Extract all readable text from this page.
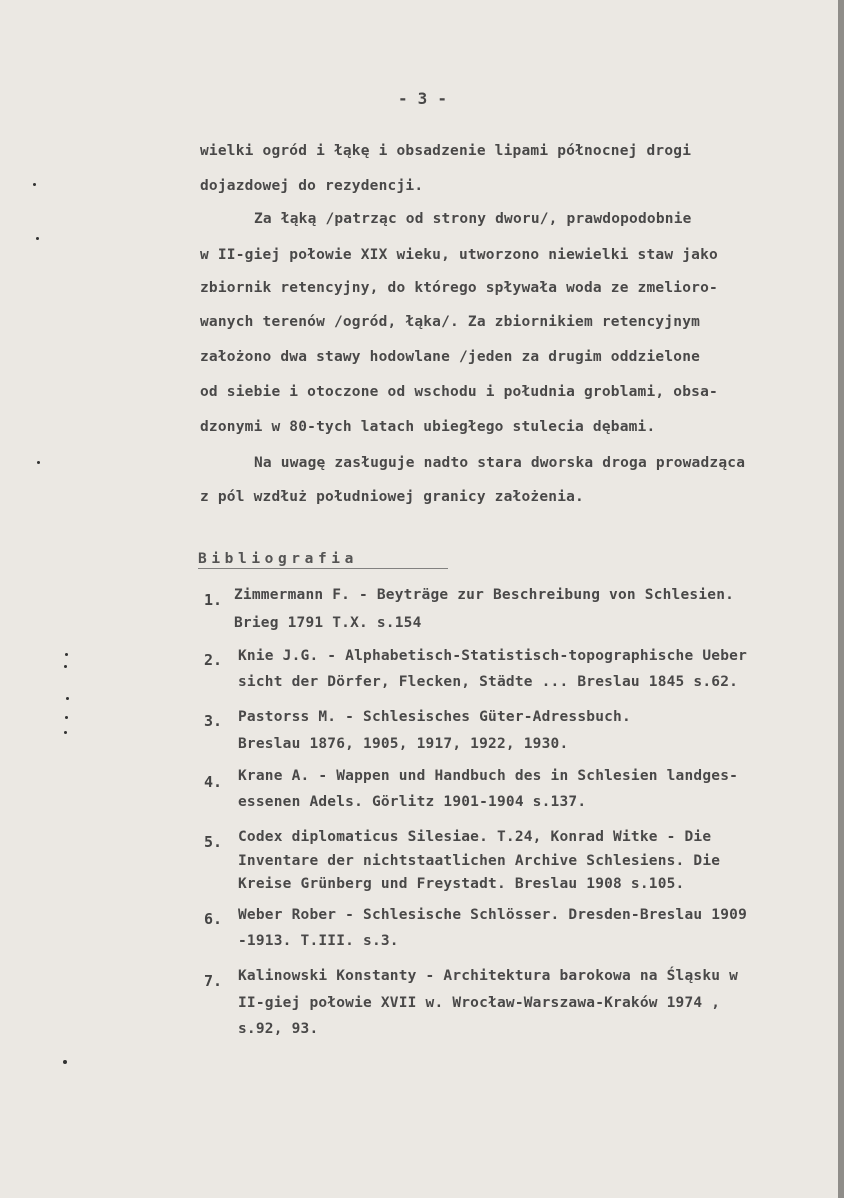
- 3 -
wielki ogród i łąkę i obsadzenie lipami północnej drogi
dojazdowej do rezydencji.
Za łąką /patrząc od strony dworu/, prawdopodobnie
w II-giej połowie XIX wieku, utworzono niewielki staw jako
zbiornik retencyjny, do którego spływała woda ze zmelioro-
wanych terenów /ogród, łąka/. Za zbiornikiem retencyjnym
założono dwa stawy hodowlane /jeden za drugim oddzielone
od siebie i otoczone od wschodu i południa groblami, obsa-
dzonymi w 80-tych latach ubiegłego stulecia dębami.
Na uwagę zasługuje nadto stara dworska droga prowadząca
z pól wzdłuż południowej granicy założenia.
Bibliografia
1. Zimmermann F. - Beyträge zur Beschreibung von Schlesien.
Brieg 1791 T.X. s.154
2. Knie J.G. - Alphabetisch-Statistisch-topographische Ueber
sicht der Dörfer, Flecken, Städte ... Breslau 1845 s.62.
3. Pastorss M. - Schlesisches Güter-Adressbuch.
Breslau 1876, 1905, 1917, 1922, 1930.
4. Krane A. - Wappen und Handbuch des in Schlesien landges-
essenen Adels. Görlitz 1901-1904 s.137.
5. Codex diplomaticus Silesiae. T.24, Konrad Witke - Die
Inventare der nichtstaatlichen Archive Schlesiens. Die
Kreise Grünberg und Freystadt. Breslau 1908 s.105.
6. Weber Rober - Schlesische Schlösser. Dresden-Breslau 1909
-1913. T.III. s.3.
7. Kalinowski Konstanty - Architektura barokowa na Śląsku w
II-giej połowie XVII w. Wrocław-Warszawa-Kraków 1974 ,
s.92, 93.
